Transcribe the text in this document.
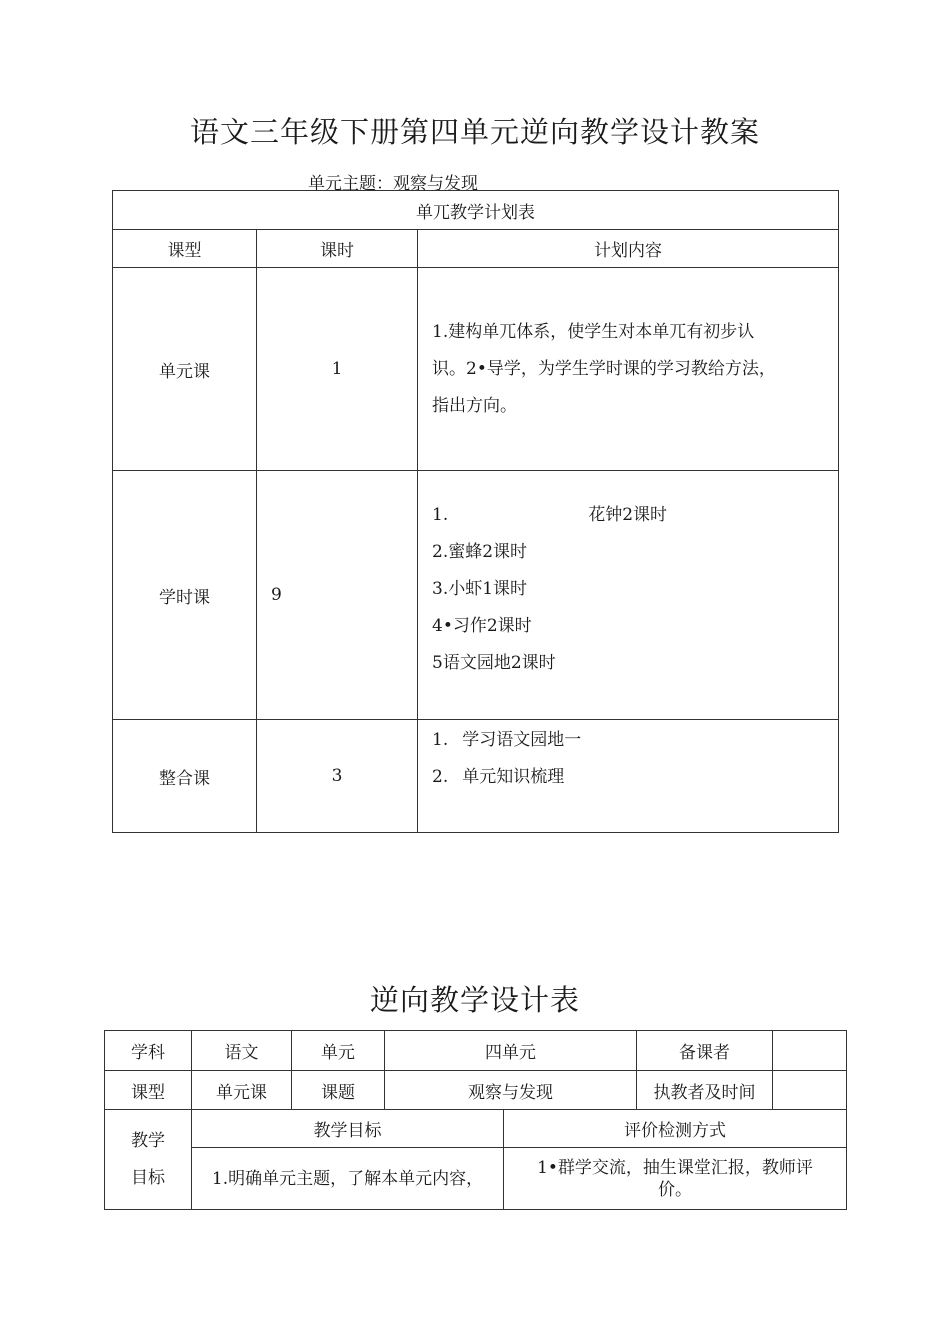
语文三年级下册第四单元逆向教学设计教案
单元主题：观察与发现
单兀教学计划表		
课型	课时	计划内容
单元课	1	1.建构单兀体系，使学生对本单兀有初步认
识。2•导学，为学生学时课的学习教给方法，
指出方向。

学时课	9	1. 花钟2课时
2.蜜蜂2课时
3.小虾1课时
4•习作2课时
5语文园地2课时

整合课	3	1. 学习语文园地一
2. 单元知识梳理
逆向教学设计表
学科	语文	单元	四单元		备课者	
课型	单元课	课题	观察与发现		执教者及时间	

教学
目标	教学目标			评价检测方式		
	1.明确单元主题，了解本单元内容，			1•群学交流，抽生课堂汇报，教师评价。		
